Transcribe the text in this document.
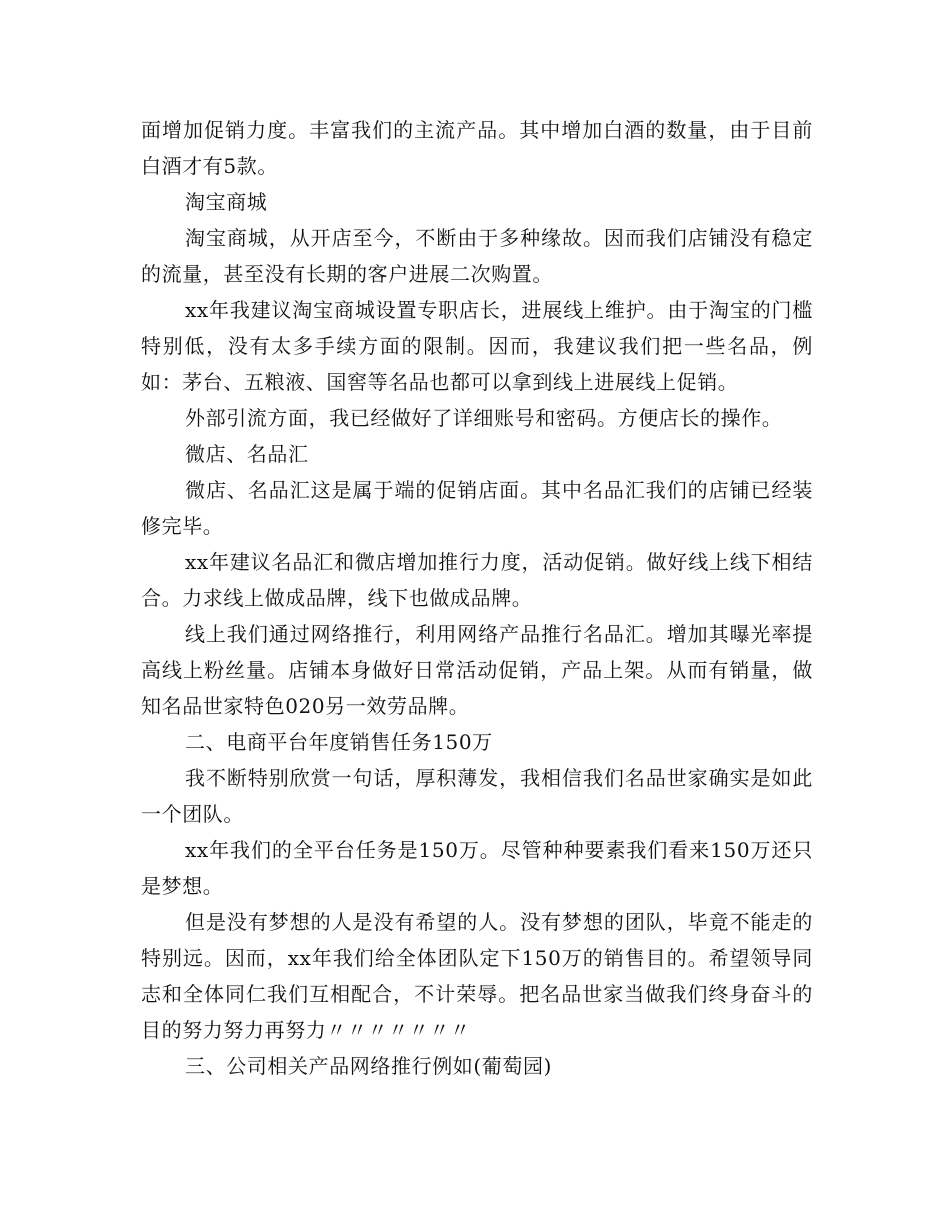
面增加促销力度。丰富我们的主流产品。其中增加白酒的数量，由于目前白酒才有5款。

淘宝商城

淘宝商城，从开店至今，不断由于多种缘故。因而我们店铺没有稳定的流量，甚至没有长期的客户进展二次购置。

xx年我建议淘宝商城设置专职店长，进展线上维护。由于淘宝的门槛特别低，没有太多手续方面的限制。因而，我建议我们把一些名品，例如：茅台、五粮液、国窖等名品也都可以拿到线上进展线上促销。

外部引流方面，我已经做好了详细账号和密码。方便店长的操作。

微店、名品汇

微店、名品汇这是属于端的促销店面。其中名品汇我们的店铺已经装修完毕。

xx年建议名品汇和微店增加推行力度，活动促销。做好线上线下相结合。力求线上做成品牌，线下也做成品牌。

线上我们通过网络推行，利用网络产品推行名品汇。增加其曝光率提高线上粉丝量。店铺本身做好日常活动促销，产品上架。从而有销量，做知名品世家特色020另一效劳品牌。

二、电商平台年度销售任务150万

我不断特别欣赏一句话，厚积薄发，我相信我们名品世家确实是如此一个团队。

xx年我们的全平台任务是150万。尽管种种要素我们看来150万还只是梦想。

但是没有梦想的人是没有希望的人。没有梦想的团队，毕竟不能走的特别远。因而，xx年我们给全体团队定下150万的销售目的。希望领导同志和全体同仁我们互相配合，不计荣辱。把名品世家当做我们终身奋斗的目的努力努力再努力〃〃〃〃〃〃〃

三、公司相关产品网络推行例如(葡萄园)
